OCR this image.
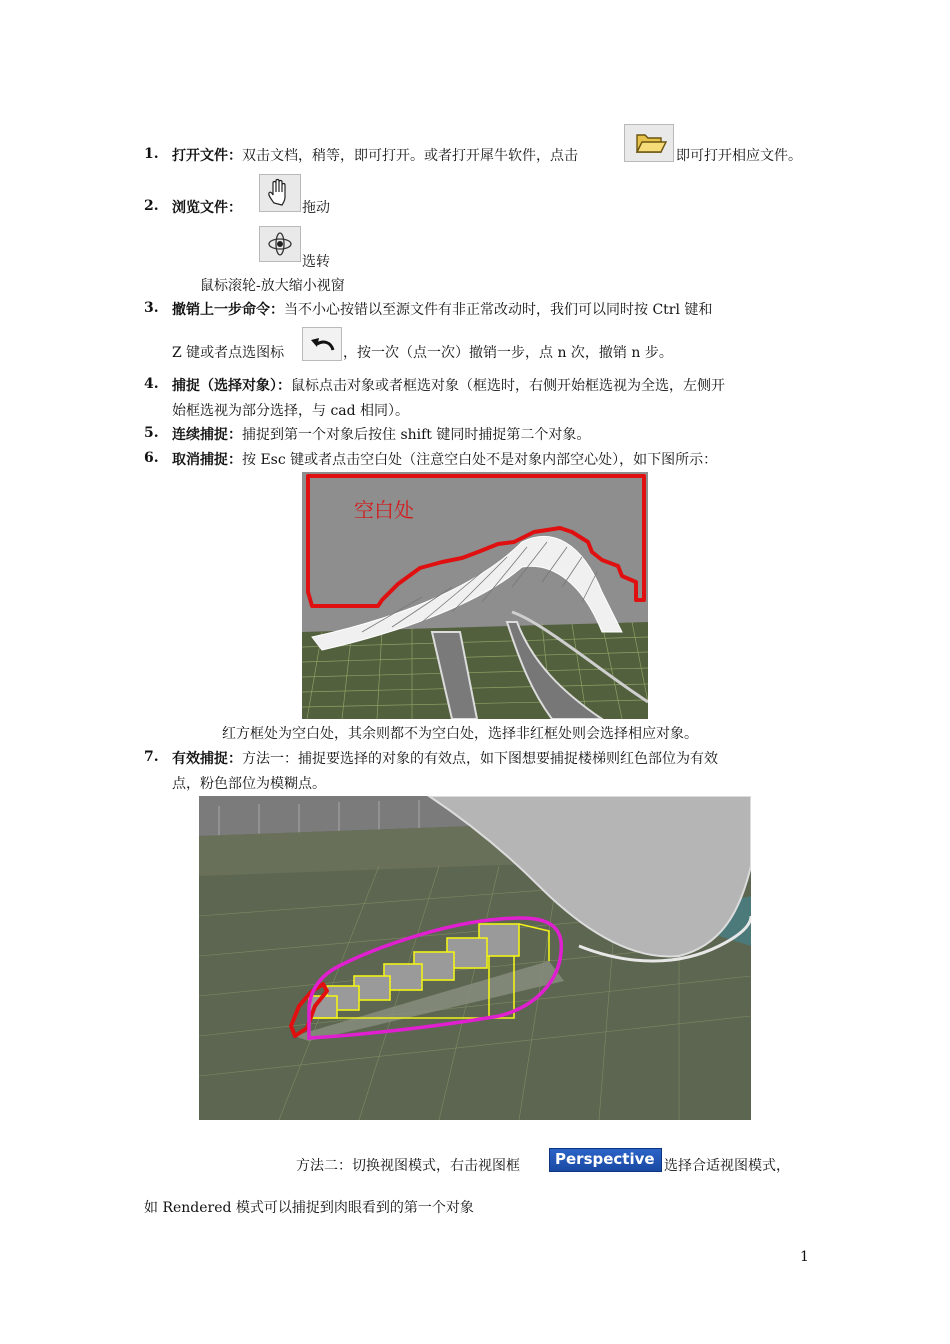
1. 打开文件：双击文档，稍等，即可打开。或者打开犀牛软件，点击	即可打开相应文件。
2. 浏览文件：	拖动
选转
鼠标滚轮-放大缩小视窗
3. 撤销上一步命令：当不小心按错以至源文件有非正常改动时，我们可以同时按 Ctrl 键和
Z 键或者点选图标	，按一次（点一次）撤销一步，点 n 次，撤销 n 步。
4. 捕捉（选择对象）：鼠标点击对象或者框选对象（框选时，右侧开始框选视为全选，左侧开
始框选视为部分选择，与 cad 相同）。
5. 连续捕捉：捕捉到第一个对象后按住 shift 键同时捕捉第二个对象。
6. 取消捕捉：按 Esc 键或者点击空白处（注意空白处不是对象内部空心处），如下图所示：
空白处
红方框处为空白处，其余则都不为空白处，选择非红框处则会选择相应对象。
7. 有效捕捉：方法一：捕捉要选择的对象的有效点，如下图想要捕捉楼梯则红色部位为有效
点，粉色部位为模糊点。
方法二：切换视图模式，右击视图框	Perspective 选择合适视图模式，
如 Rendered 模式可以捕捉到肉眼看到的第一个对象
1
